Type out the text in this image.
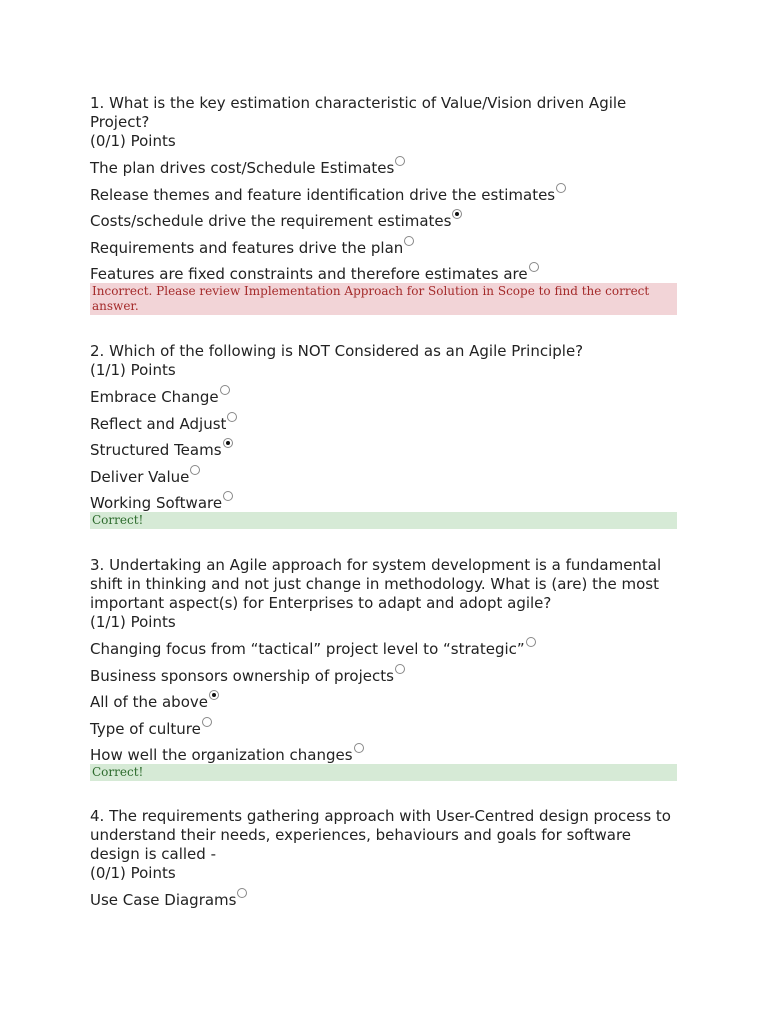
1. What is the key estimation characteristic of Value/Vision driven Agile Project?

(0/1) Points

The plan drives cost/Schedule Estimates
Release themes and feature identification drive the estimates
Costs/schedule drive the requirement estimates
Requirements and features drive the plan
Features are fixed constraints and therefore estimates are
Incorrect. Please review Implementation Approach for Solution in Scope to find the correct answer.

2. Which of the following is NOT Considered as an Agile Principle?

(1/1) Points

Embrace Change
Reflect and Adjust
Structured Teams
Deliver Value
Working Software
Correct!

3. Undertaking an Agile approach for system development is a fundamental shift in thinking and not just change in methodology. What is (are) the most important aspect(s) for Enterprises to adapt and adopt agile?

(1/1) Points

Changing focus from “tactical” project level to “strategic”
Business sponsors ownership of projects
All of the above
Type of culture
How well the organization changes
Correct!

4. The requirements gathering approach with User-Centred design process to understand their needs, experiences, behaviours and goals for software design is called -

(0/1) Points

Use Case Diagrams
